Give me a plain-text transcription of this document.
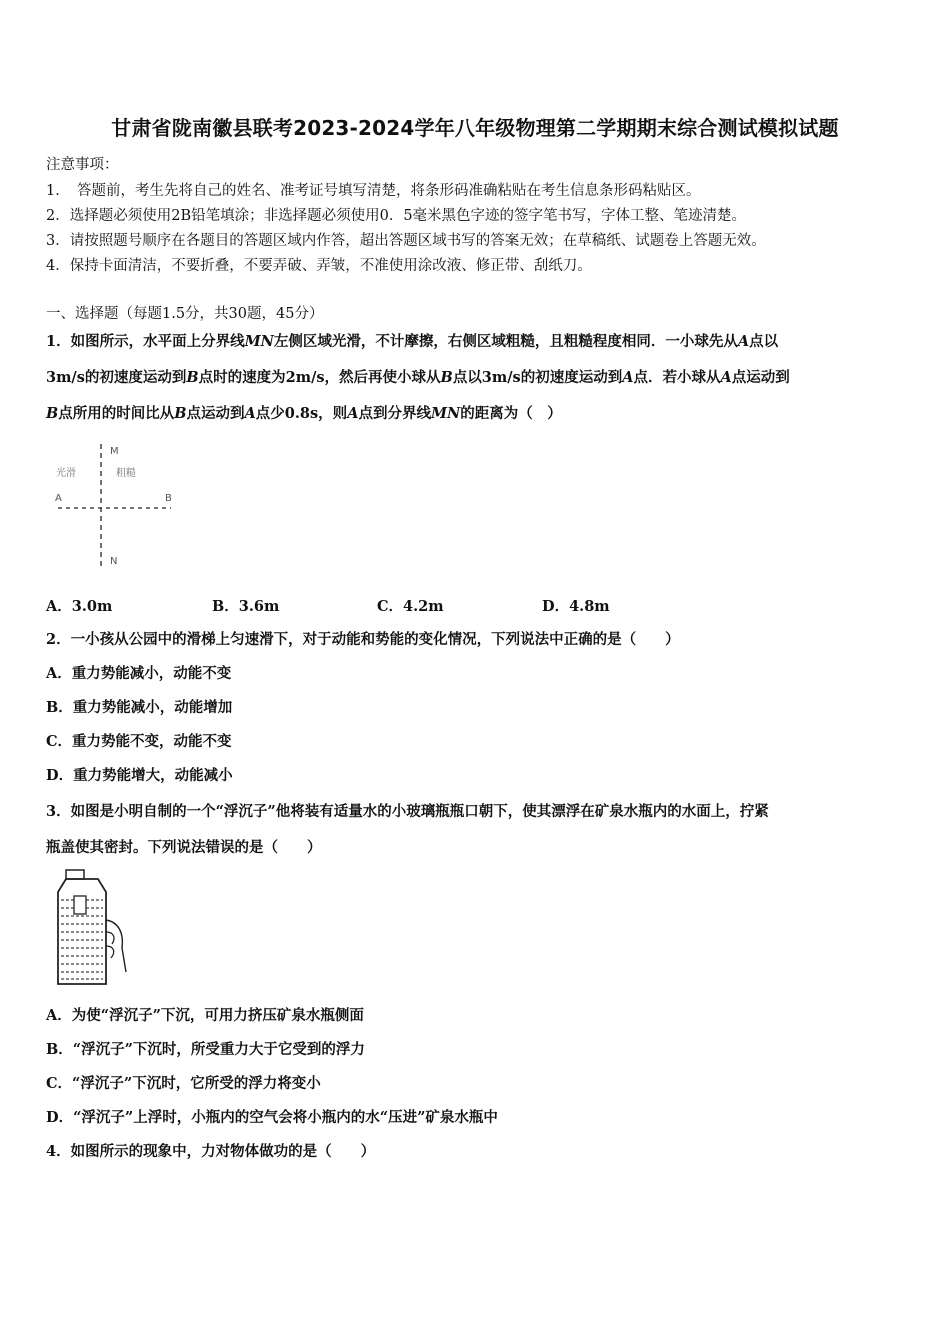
甘肃省陇南徽县联考2023-2024学年八年级物理第二学期期末综合测试模拟试题
注意事项：
1．　答题前，考生先将自己的姓名、准考证号填写清楚，将条形码准确粘贴在考生信息条形码粘贴区。
2．选择题必须使用2B铅笔填涂；非选择题必须使用0．5毫米黑色字迹的签字笔书写，字体工整、笔迹清楚。
3．请按照题号顺序在各题目的答题区域内作答，超出答题区域书写的答案无效；在草稿纸、试题卷上答题无效。
4．保持卡面清洁，不要折叠，不要弄破、弄皱，不准使用涂改液、修正带、刮纸刀。
一、选择题（每题1.5分，共30题，45分）
1．如图所示，水平面上分界线MN左侧区域光滑，不计摩擦，右侧区域粗糙，且粗糙程度相同．一小球先从A点以
3m/s的初速度运动到B点时的速度为2m/s，然后再使小球从B点以3m/s的初速度运动到A点．若小球从A点运动到
B点所用的时间比从B点运动到A点少0.8s，则A点到分界线MN的距离为（　）
M
N
光滑	粗糙
A	B
A．3.0m	B．3.6m	C．4.2m	D．4.8m
2．一小孩从公园中的滑梯上匀速滑下，对于动能和势能的变化情况，下列说法中正确的是（　　）
A．重力势能减小，动能不变
B．重力势能减小，动能增加
C．重力势能不变，动能不变
D．重力势能增大，动能减小
3．如图是小明自制的一个“浮沉子”他将装有适量水的小玻璃瓶瓶口朝下，使其漂浮在矿泉水瓶内的水面上，拧紧
瓶盖使其密封。下列说法错误的是（　　）
A．为使“浮沉子”下沉，可用力挤压矿泉水瓶侧面
B．“浮沉子”下沉时，所受重力大于它受到的浮力
C．“浮沉子”下沉时，它所受的浮力将变小
D．“浮沉子”上浮时，小瓶内的空气会将小瓶内的水“压进”矿泉水瓶中
4．如图所示的现象中，力对物体做功的是（　　）
